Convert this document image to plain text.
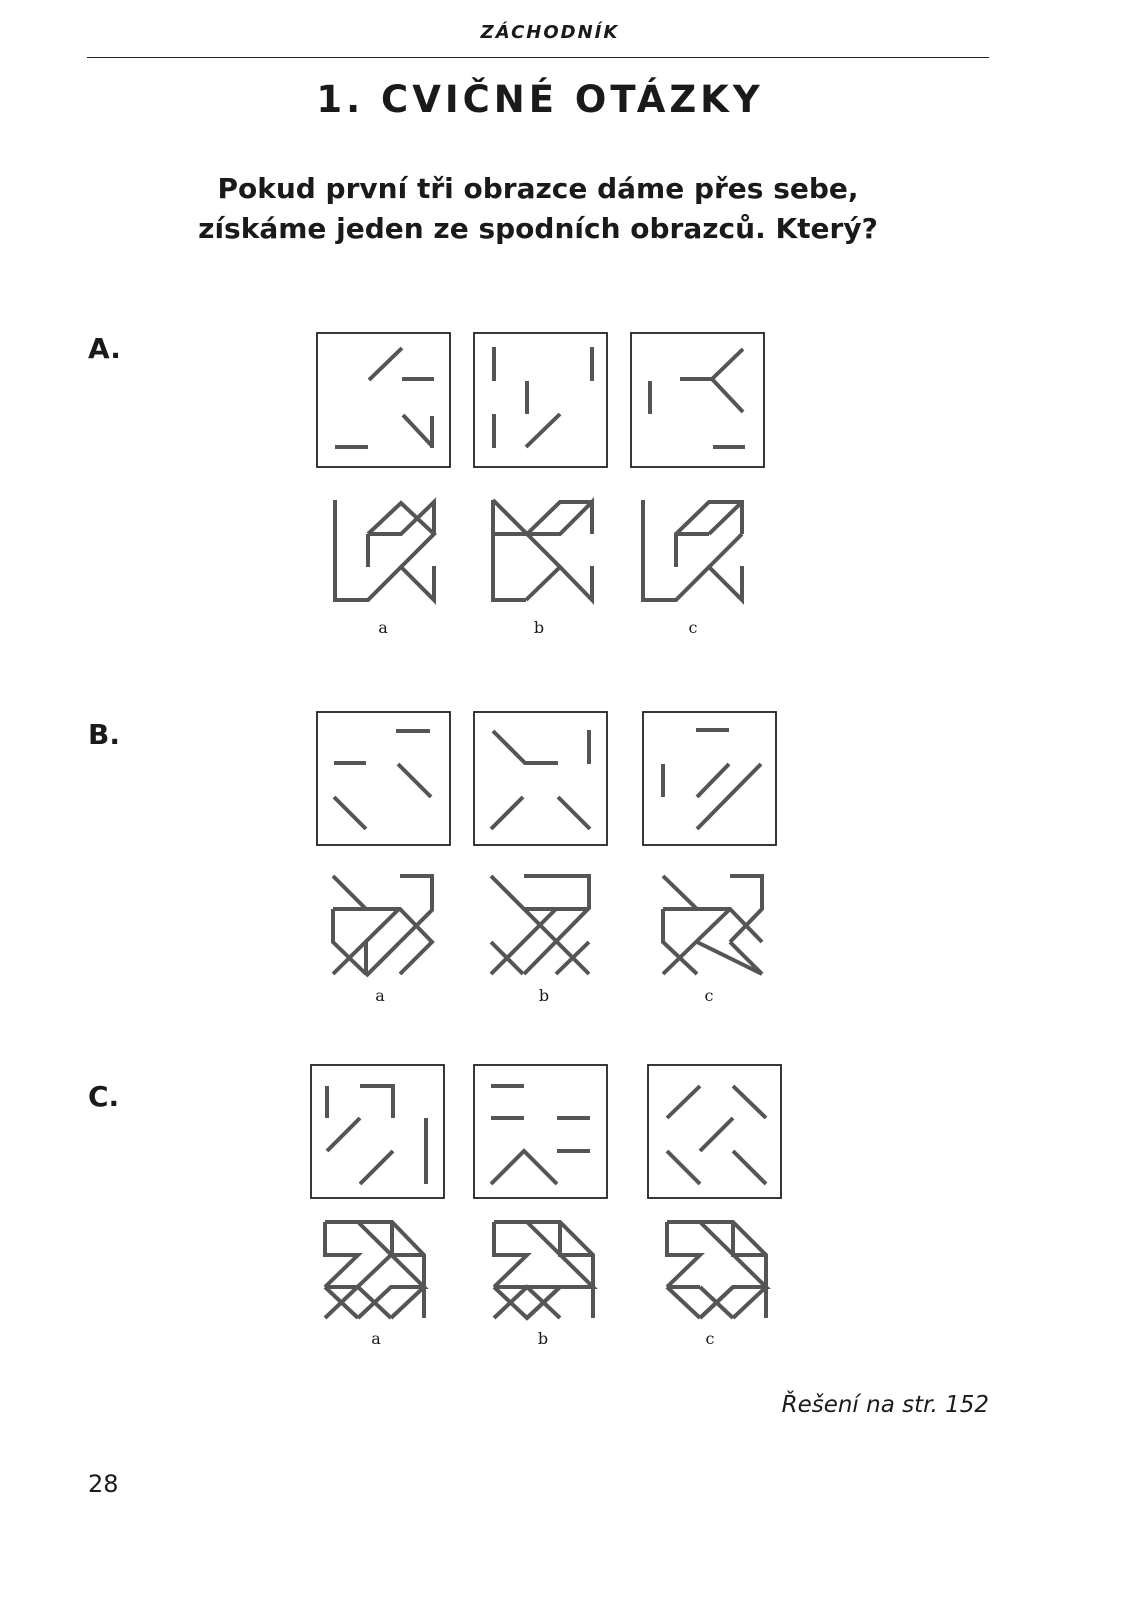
ZÁCHODNÍK
1. CVIČNÉ OTÁZKY
Pokud první tři obrazce dáme přes sebe,
získáme jeden ze spodních obrazců. Který?
A.
B.
C.
a	b	c
a	b	c
a	b	c
Řešení na str. 152
28
